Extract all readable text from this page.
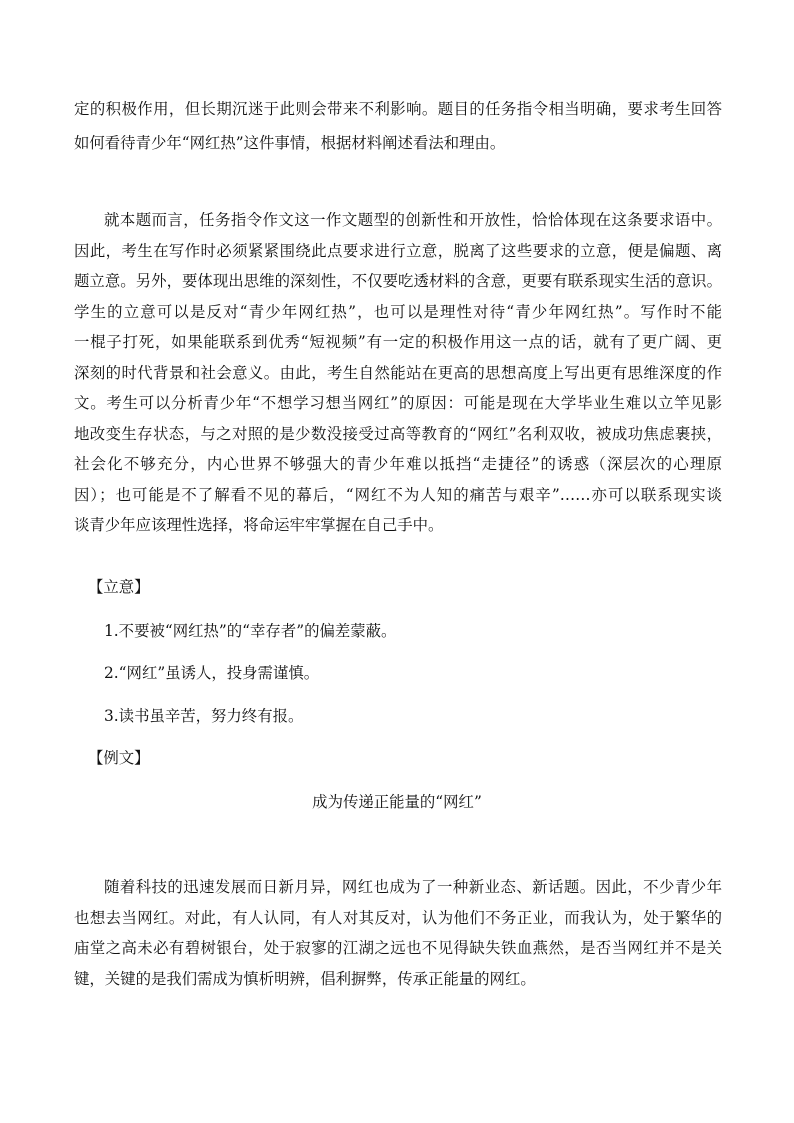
定的积极作用，但长期沉迷于此则会带来不利影响。题目的任务指令相当明确，要求考生回答
如何看待青少年“网红热”这件事情，根据材料阐述看法和理由。
就本题而言，任务指令作文这一作文题型的创新性和开放性，恰恰体现在这条要求语中。
因此，考生在写作时必须紧紧围绕此点要求进行立意，脱离了这些要求的立意，便是偏题、离
题立意。另外，要体现出思维的深刻性，不仅要吃透材料的含意，更要有联系现实生活的意识。
学生的立意可以是反对“青少年网红热”，也可以是理性对待“青少年网红热”。写作时不能
一棍子打死，如果能联系到优秀“短视频”有一定的积极作用这一点的话，就有了更广阔、更
深刻的时代背景和社会意义。由此，考生自然能站在更高的思想高度上写出更有思维深度的作
文。考生可以分析青少年“不想学习想当网红”的原因：可能是现在大学毕业生难以立竿见影
地改变生存状态，与之对照的是少数没接受过高等教育的“网红”名利双收，被成功焦虑裹挟，
社会化不够充分，内心世界不够强大的青少年难以抵挡“走捷径”的诱惑（深层次的心理原
因）；也可能是不了解看不见的幕后，“网红不为人知的痛苦与艰辛”……亦可以联系现实谈
谈青少年应该理性选择，将命运牢牢掌握在自己手中。
【立意】
1.不要被“网红热”的“幸存者”的偏差蒙蔽。
2.“网红”虽诱人，投身需谨慎。
3.读书虽辛苦，努力终有报。
【例文】
成为传递正能量的“网红”
随着科技的迅速发展而日新月异，网红也成为了一种新业态、新话题。因此，不少青少年
也想去当网红。对此，有人认同，有人对其反对，认为他们不务正业，而我认为，处于繁华的
庙堂之高未必有碧树银台，处于寂寥的江湖之远也不见得缺失铁血燕然，是否当网红并不是关
键，关键的是我们需成为慎析明辨，倡利摒弊，传承正能量的网红。
